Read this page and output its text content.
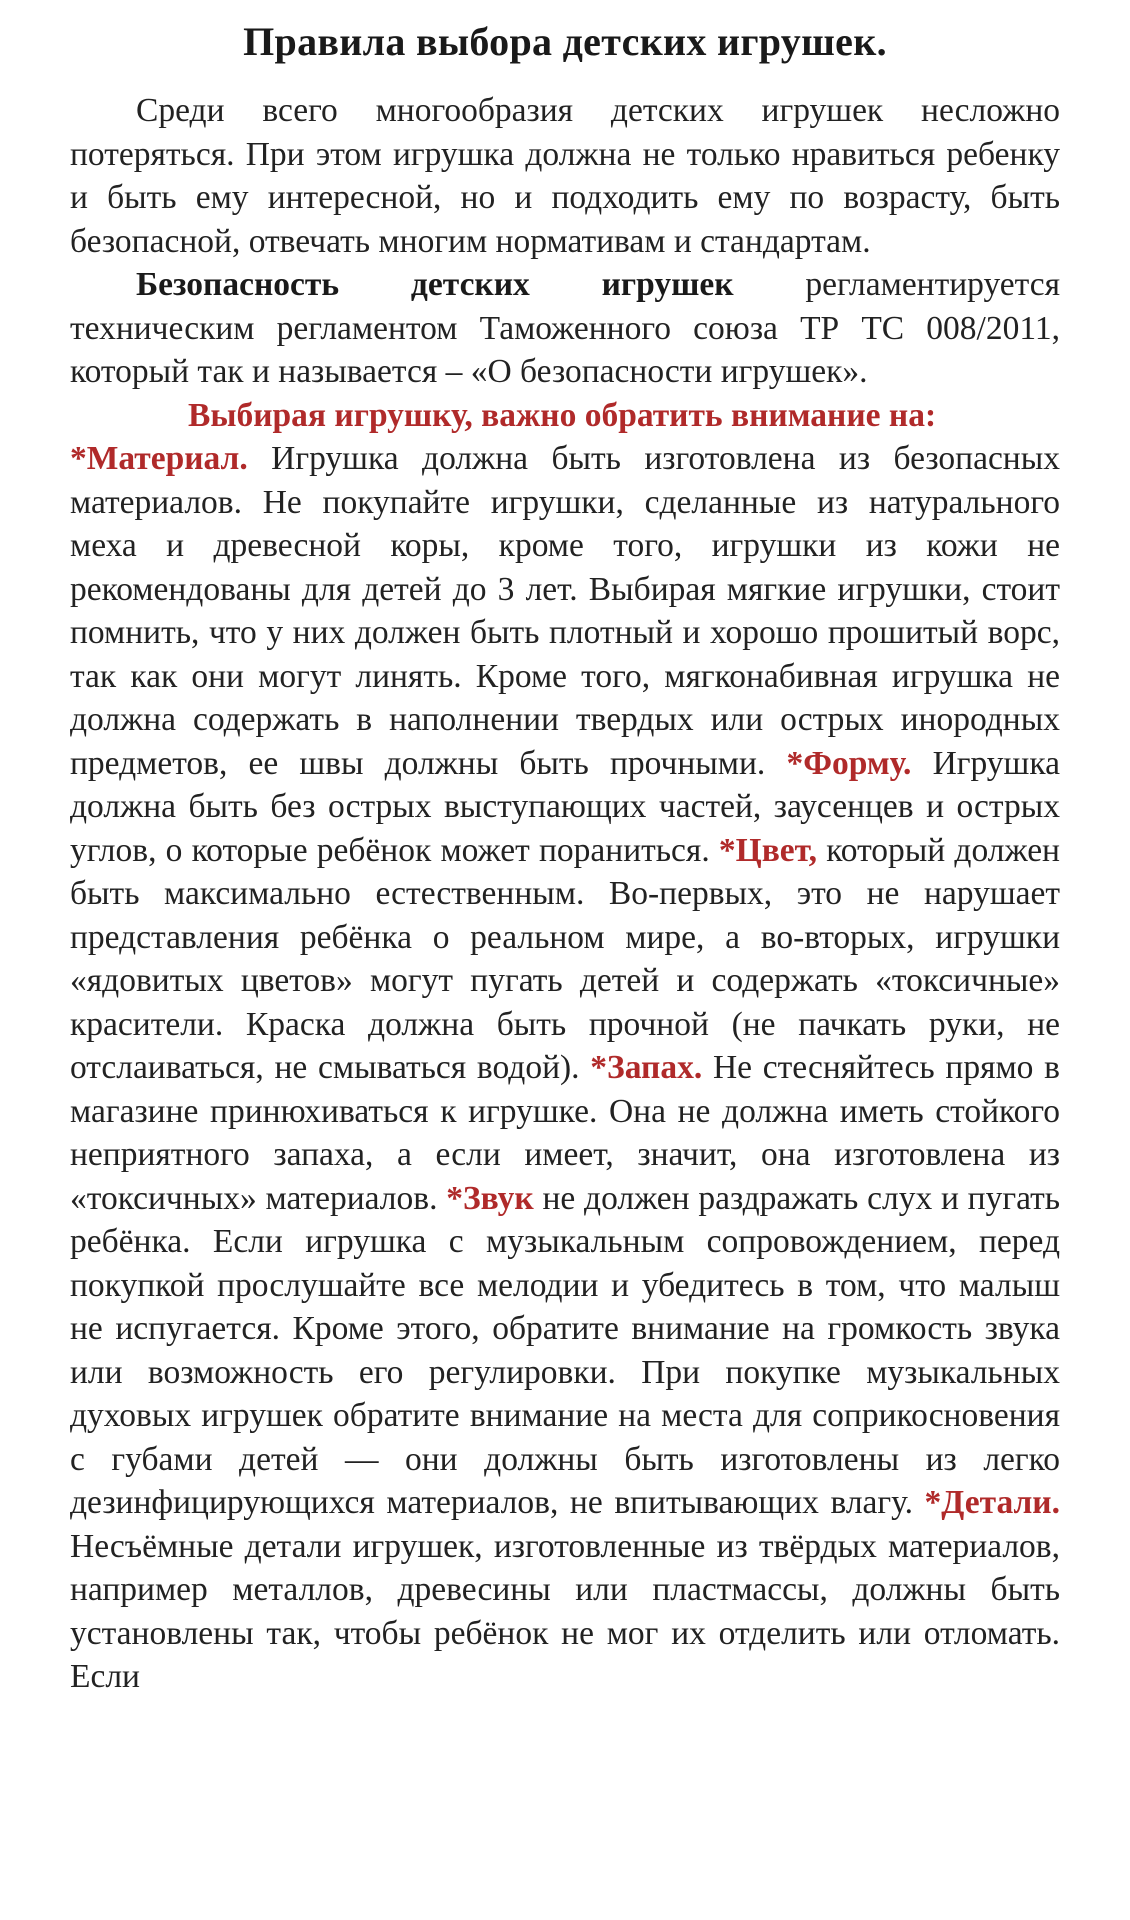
Правила выбора детских игрушек.

Среди всего многообразия детских игрушек несложно потеряться. При этом игрушка должна не только нравиться ребенку и быть ему интересной, но и подходить ему по возрасту, быть безопасной, отвечать многим нормативам и стандартам.

Безопасность детских игрушек регламентируется техническим регламентом Таможенного союза ТР ТС 008/2011, который так и называется – «О безопасности игрушек».

Выбирая игрушку, важно обратить внимание на:

*Материал. Игрушка должна быть изготовлена из безопасных материалов. Не покупайте игрушки, сделанные из натурального меха и древесной коры, кроме того, игрушки из кожи не рекомендованы для детей до 3 лет. Выбирая мягкие игрушки, стоит помнить, что у них должен быть плотный и хорошо прошитый ворс, так как они могут линять. Кроме того, мягконабивная игрушка не должна содержать в наполнении твердых или острых инородных предметов, ее швы должны быть прочными. *Форму. Игрушка должна быть без острых выступающих частей, заусенцев и острых углов, о которые ребёнок может пораниться. *Цвет, который должен быть максимально естественным. Во-первых, это не нарушает представления ребёнка о реальном мире, а во-вторых, игрушки «ядовитых цветов» могут пугать детей и содержать «токсичные» красители. Краска должна быть прочной (не пачкать руки, не отслаиваться, не смываться водой). *Запах. Не стесняйтесь прямо в магазине принюхиваться к игрушке. Она не должна иметь стойкого неприятного запаха, а если имеет, значит, она изготовлена из «токсичных» материалов. *Звук не должен раздражать слух и пугать ребёнка. Если игрушка с музыкальным сопровождением, перед покупкой прослушайте все мелодии и убедитесь в том, что малыш не испугается. Кроме этого, обратите внимание на громкость звука или возможность его регулировки. При покупке музыкальных духовых игрушек обратите внимание на места для соприкосновения с губами детей — они должны быть изготовлены из легко дезинфицирующихся материалов, не впитывающих влагу. *Детали. Несъёмные детали игрушек, изготовленные из твёрдых материалов, например металлов, древесины или пластмассы, должны быть установлены так, чтобы ребёнок не мог их отделить или отломать. Если
